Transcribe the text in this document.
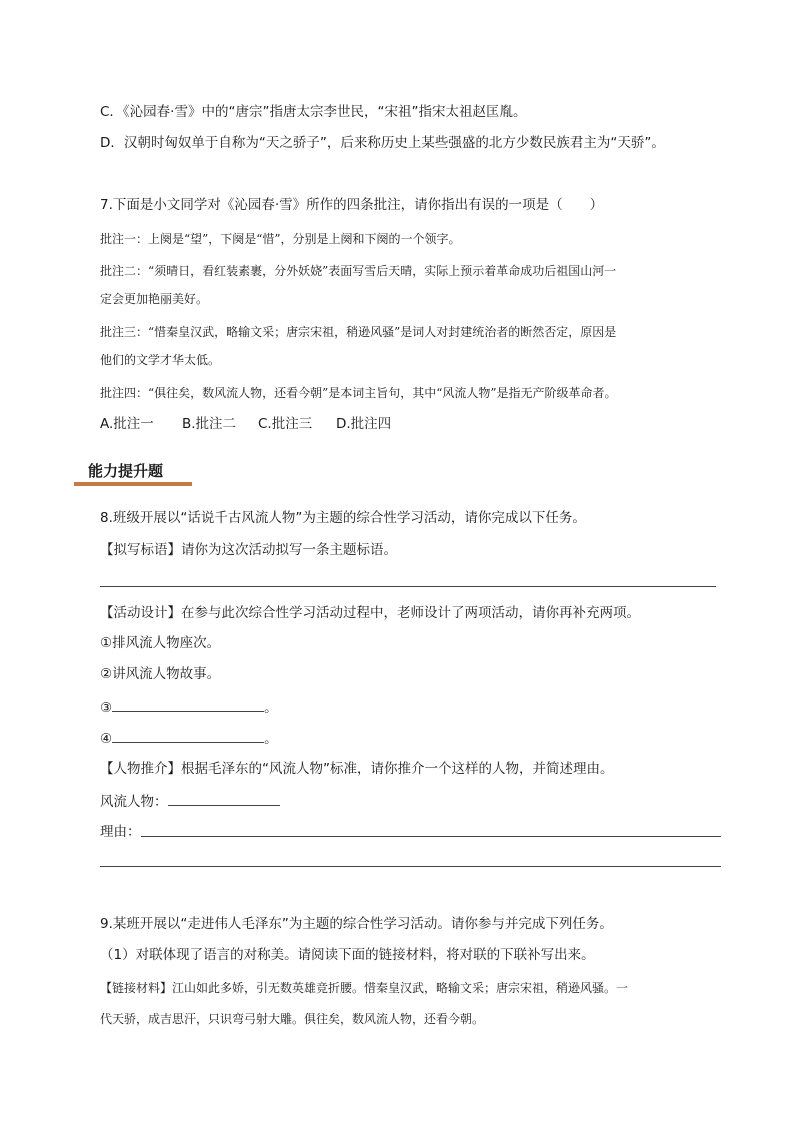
C．《沁园春·雪》中的“唐宗”指唐太宗李世民，“宋祖”指宋太祖赵匡胤。
D．汉朝时匈奴单于自称为“天之骄子”，后来称历史上某些强盛的北方少数民族君主为“天骄”。
7.下面是小文同学对《沁园春·雪》所作的四条批注，请你指出有误的一项是（　　）
批注一：上阕是“望”，下阕是“惜”，分别是上阕和下阕的一个领字。
批注二：“须晴日，看红装素裹，分外妖娆”表面写雪后天晴，实际上预示着革命成功后祖国山河一
定会更加艳丽美好。
批注三：“惜秦皇汉武，略输文采；唐宗宋祖，稍逊风骚”是词人对封建统治者的断然否定，原因是
他们的文学才华太低。
批注四：“俱往矣，数风流人物，还看今朝”是本词主旨句，其中“风流人物”是指无产阶级革命者。
A.批注一 B.批注二 C.批注三 D.批注四
能力提升题
8.班级开展以“话说千古风流人物”为主题的综合性学习活动，请你完成以下任务。
【拟写标语】请你为这次活动拟写一条主题标语。
【活动设计】在参与此次综合性学习活动过程中，老师设计了两项活动，请你再补充两项。
①排风流人物座次。
②讲风流人物故事。
③	。
④	。
【人物推介】根据毛泽东的“风流人物”标准，请你推介一个这样的人物，并简述理由。
风流人物：
理由：
9.某班开展以“走进伟人毛泽东”为主题的综合性学习活动。请你参与并完成下列任务。
（1）对联体现了语言的对称美。请阅读下面的链接材料，将对联的下联补写出来。
【链接材料】江山如此多娇，引无数英雄竞折腰。惜秦皇汉武，略输文采；唐宗宋祖，稍逊风骚。一
代天骄，成吉思汗，只识弯弓射大雕。俱往矣，数风流人物，还看今朝。
